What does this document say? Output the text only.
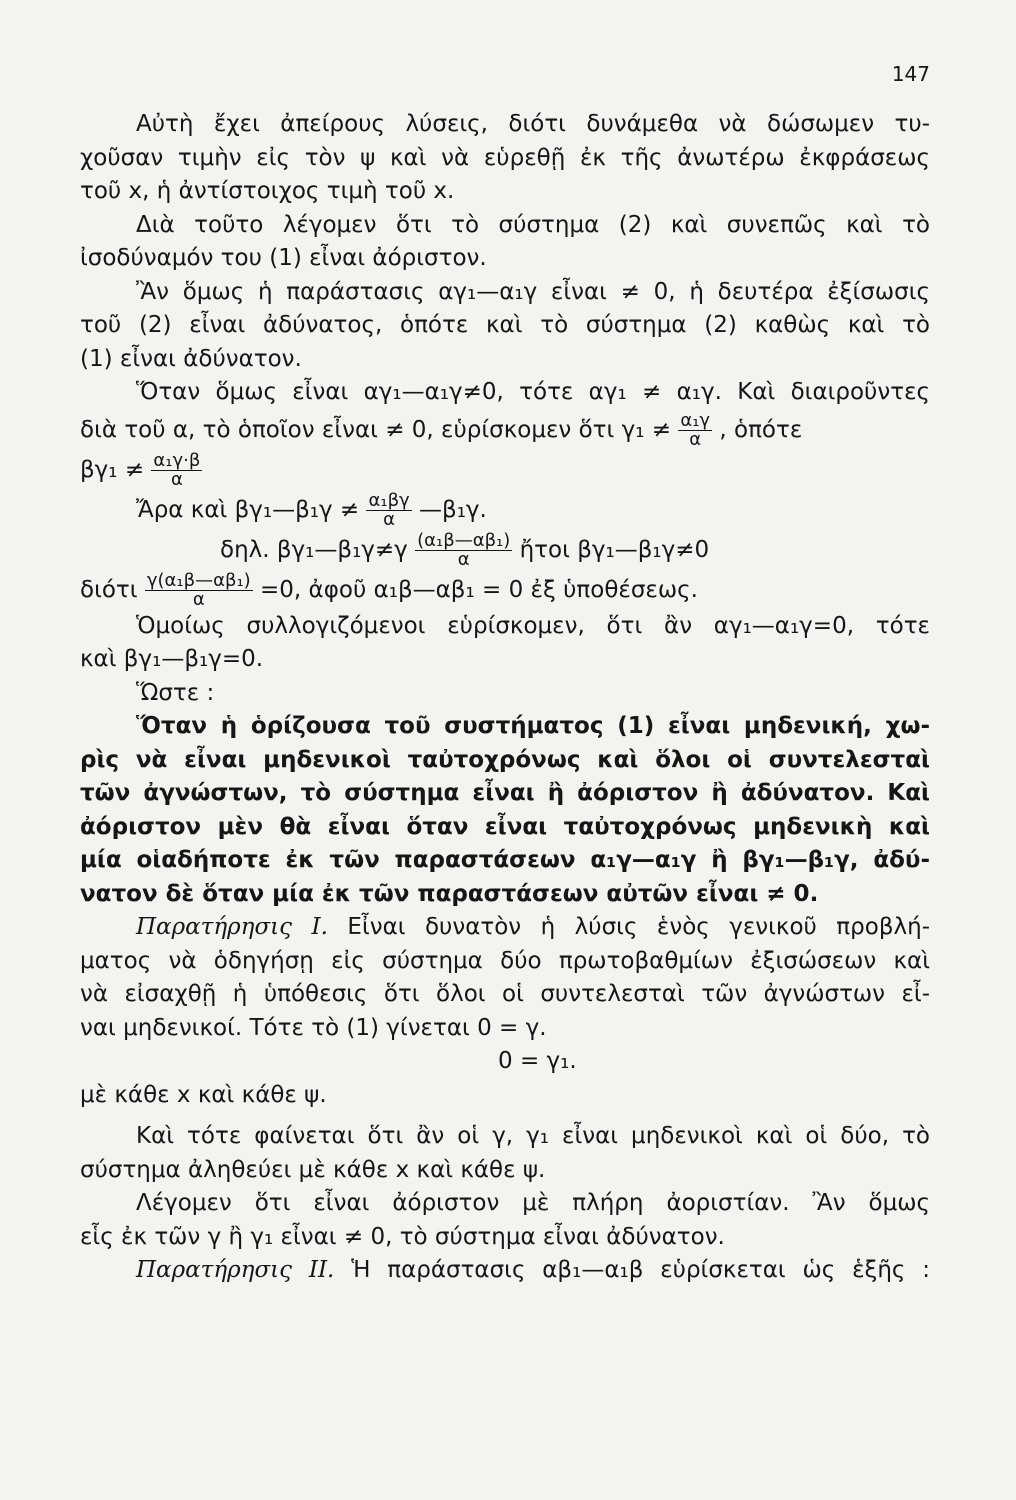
147
Αὐτὴ ἔχει ἀπείρους λύσεις, διότι δυνάμεθα νὰ δώσωμεν τυ-
χοῦσαν τιμὴν εἰς τὸν ψ καὶ νὰ εὑρεθῇ ἐκ τῆς ἀνωτέρω ἐκφράσεως
τοῦ x, ἡ ἀντίστοιχος τιμὴ τοῦ x.
Διὰ τοῦτο λέγομεν ὅτι τὸ σύστημα (2) καὶ συνεπῶς καὶ τὸ
ἰσοδύναμόν του (1) εἶναι ἀόριστον.
Ἂν ὅμως ἡ παράστασις αγ₁—α₁γ εἶναι ≠ 0, ἡ δευτέρα ἐξίσωσις
τοῦ (2) εἶναι ἀδύνατος, ὁπότε καὶ τὸ σύστημα (2) καθὼς καὶ τὸ
(1) εἶναι ἀδύνατον.
Ὅταν ὅμως εἶναι αγ₁—α₁γ≠0, τότε αγ₁ ≠ α₁γ. Καὶ διαιροῦντες
διὰ τοῦ α, τὸ ὁποῖον εἶναι ≠ 0, εὑρίσκομεν ὅτι $\gamma_1 \ne \frac{\text{α₁γ}}{\alpha}$ , ὁπότε
$\beta\gamma_1 \ne \frac{\text{α₁γ·β}}{\alpha}$
Ἄρα καὶ βγ₁—β₁γ ≠ $\frac{\text{α₁βγ}}{\alpha}$ —β₁γ.
δηλ. βγ₁—β₁γ≠γ $\frac{\text{(α₁β—αβ₁)}}{\alpha}$ ἤτοι βγ₁—β₁γ≠0
διότι $\frac{\text{γ(α₁β—αβ₁)}}{\alpha} =0$, ἀφοῦ α₁β—αβ₁ = 0 ἐξ ὑποθέσεως.
Ὁμοίως συλλογιζόμενοι εὑρίσκομεν, ὅτι ἂν αγ₁—α₁γ=0, τότε
καὶ βγ₁—β₁γ=0.
Ὥστε :
Ὅταν ἡ ὁρίζουσα τοῦ συστήματος (1) εἶναι μηδενική, χω-
ρὶς νὰ εἶναι μηδενικοὶ ταὐτοχρόνως καὶ ὅλοι οἱ συντελεσταὶ
τῶν ἀγνώστων, τὸ σύστημα εἶναι ἢ ἀόριστον ἢ ἀδύνατον. Καὶ
ἀόριστον μὲν θὰ εἶναι ὅταν εἶναι ταὐτοχρόνως μηδενικὴ καὶ
μία οἱαδήποτε ἐκ τῶν παραστάσεων α₁γ—α₁γ ἢ βγ₁—β₁γ, ἀδύ-
νατον δὲ ὅταν μία ἐκ τῶν παραστάσεων αὐτῶν εἶναι ≠ 0.
Παρατήρησις I. Εἶναι δυνατὸν ἡ λύσις ἑνὸς γενικοῦ προβλή-
ματος νὰ ὁδηγήσῃ εἰς σύστημα δύο πρωτοβαθμίων ἐξισώσεων καὶ
νὰ εἰσαχθῇ ἡ ὑπόθεσις ὅτι ὅλοι οἱ συντελεσταὶ τῶν ἀγνώστων εἶ-
ναι μηδενικοί. Τότε τὸ (1) γίνεται 0 = γ.
0 = γ₁.
μὲ κάθε x καὶ κάθε ψ.
Καὶ τότε φαίνεται ὅτι ἂν οἱ γ, γ₁ εἶναι μηδενικοὶ καὶ οἱ δύο, τὸ
σύστημα ἀληθεύει μὲ κάθε x καὶ κάθε ψ.
Λέγομεν ὅτι εἶναι ἀόριστον μὲ πλήρη ἀοριστίαν. Ἂν ὅμως
εἷς ἐκ τῶν γ ἢ γ₁ εἶναι ≠ 0, τὸ σύστημα εἶναι ἀδύνατον.
Παρατήρησις II. Ἡ παράστασις αβ₁—α₁β εὑρίσκεται ὡς ἑξῆς :
